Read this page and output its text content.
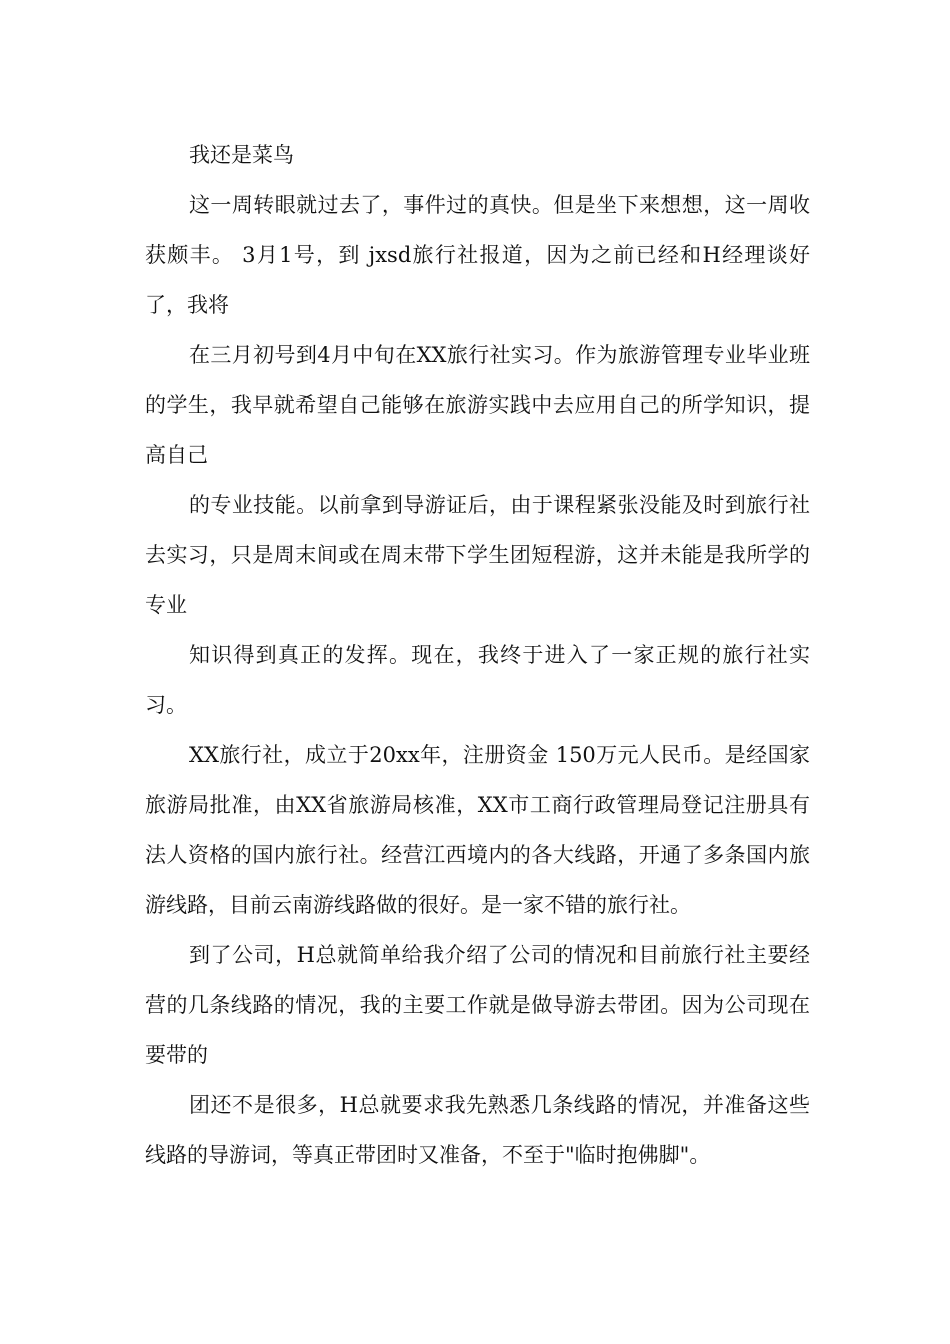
我还是菜鸟

这一周转眼就过去了，事件过的真快。但是坐下来想想，这一周收获颇丰。 3月1号，到 jxsd旅行社报道，因为之前已经和H经理谈好了，我将

在三月初号到4月中旬在XX旅行社实习。作为旅游管理专业毕业班的学生，我早就希望自己能够在旅游实践中去应用自己的所学知识，提高自己

的专业技能。以前拿到导游证后，由于课程紧张没能及时到旅行社去实习，只是周末间或在周末带下学生团短程游，这并未能是我所学的专业

知识得到真正的发挥。现在，我终于进入了一家正规的旅行社实习。

XX旅行社，成立于20xx年，注册资金 150万元人民币。是经国家旅游局批准，由XX省旅游局核准，XX市工商行政管理局登记注册具有法人资格的国内旅行社。经营江西境内的各大线路，开通了多条国内旅游线路，目前云南游线路做的很好。是一家不错的旅行社。

到了公司，H总就简单给我介绍了公司的情况和目前旅行社主要经营的几条线路的情况，我的主要工作就是做导游去带团。因为公司现在要带的

团还不是很多，H总就要求我先熟悉几条线路的情况，并准备这些线路的导游词，等真正带团时又准备，不至于"临时抱佛脚"。
